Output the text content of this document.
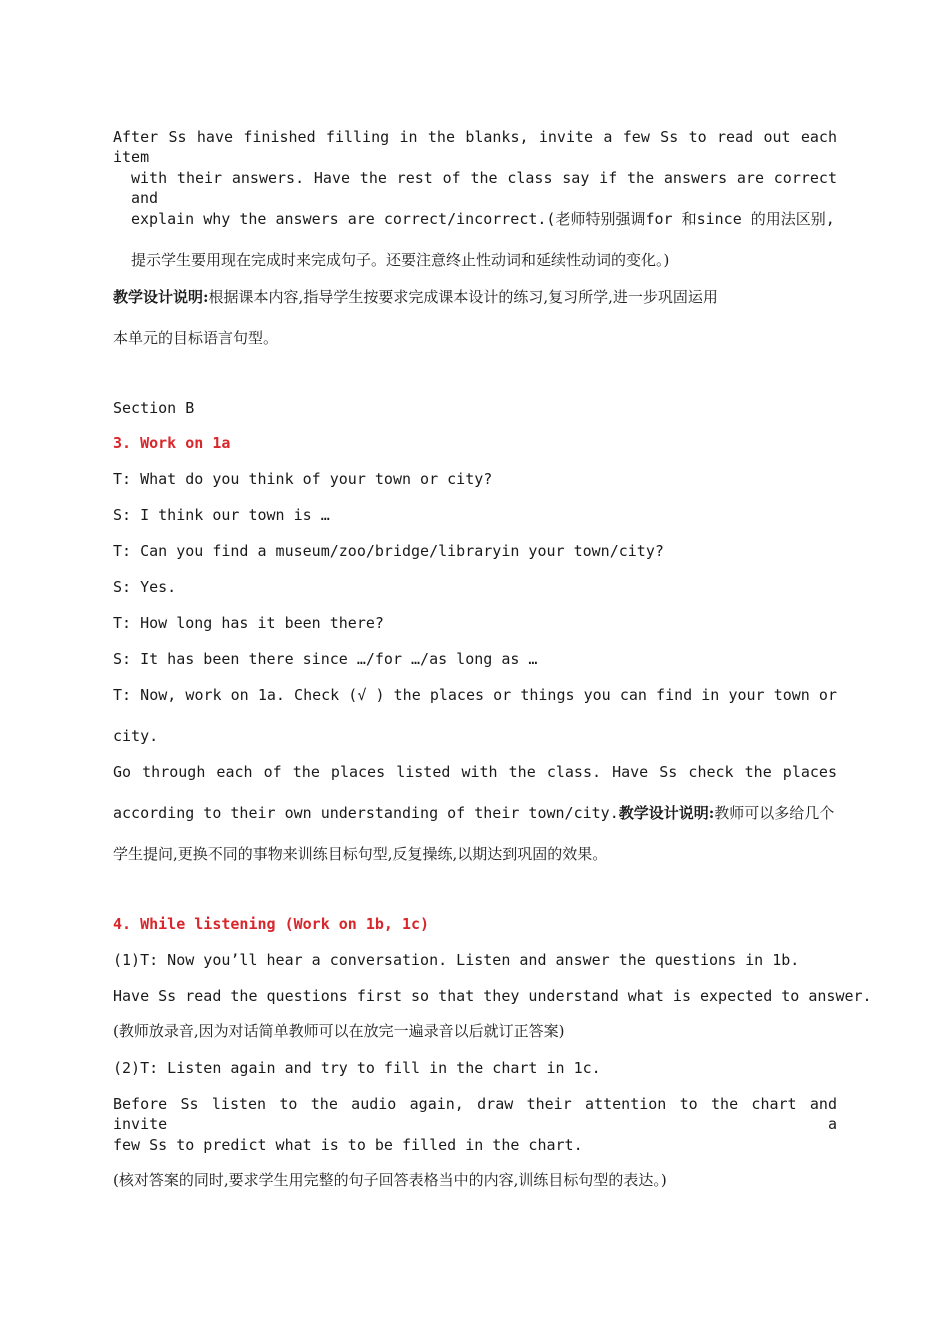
After Ss have finished filling in the blanks, invite a few Ss to read out each item
with their answers. Have the rest of the class say if the answers are correct and
explain why the answers are correct/incorrect.(老师特别强调for 和since 的用法区别,
提示学生要用现在完成时来完成句子。还要注意终止性动词和延续性动词的变化。)
教学设计说明:根据课本内容,指导学生按要求完成课本设计的练习,复习所学,进一步巩固运用
本单元的目标语言句型。
Section B
3. Work on 1a
T: What do you think of your town or city?
S: I think our town is …
T: Can you find a museum/zoo/bridge/libraryin your town/city?
S: Yes.
T: How long has it been there?
S: It has been there since …/for …/as long as …
T: Now, work on 1a. Check (√ ) the places or things you can find in your town or
city.
Go through each of the places listed with the class. Have Ss check the places
according to their own understanding of their town/city.教学设计说明:教师可以多给几个
学生提问,更换不同的事物来训练目标句型,反复操练,以期达到巩固的效果。
4. While listening (Work on 1b, 1c)
(1)T: Now you’ll hear a conversation. Listen and answer the questions in 1b.
Have Ss read the questions first so that they understand what is expected to answer.
(教师放录音,因为对话简单教师可以在放完一遍录音以后就订正答案)
(2)T: Listen again and try to fill in the chart in 1c.
Before Ss listen to the audio again, draw their attention to the chart and invite a
few Ss to predict what is to be filled in the chart.
(核对答案的同时,要求学生用完整的句子回答表格当中的内容,训练目标句型的表达。)
